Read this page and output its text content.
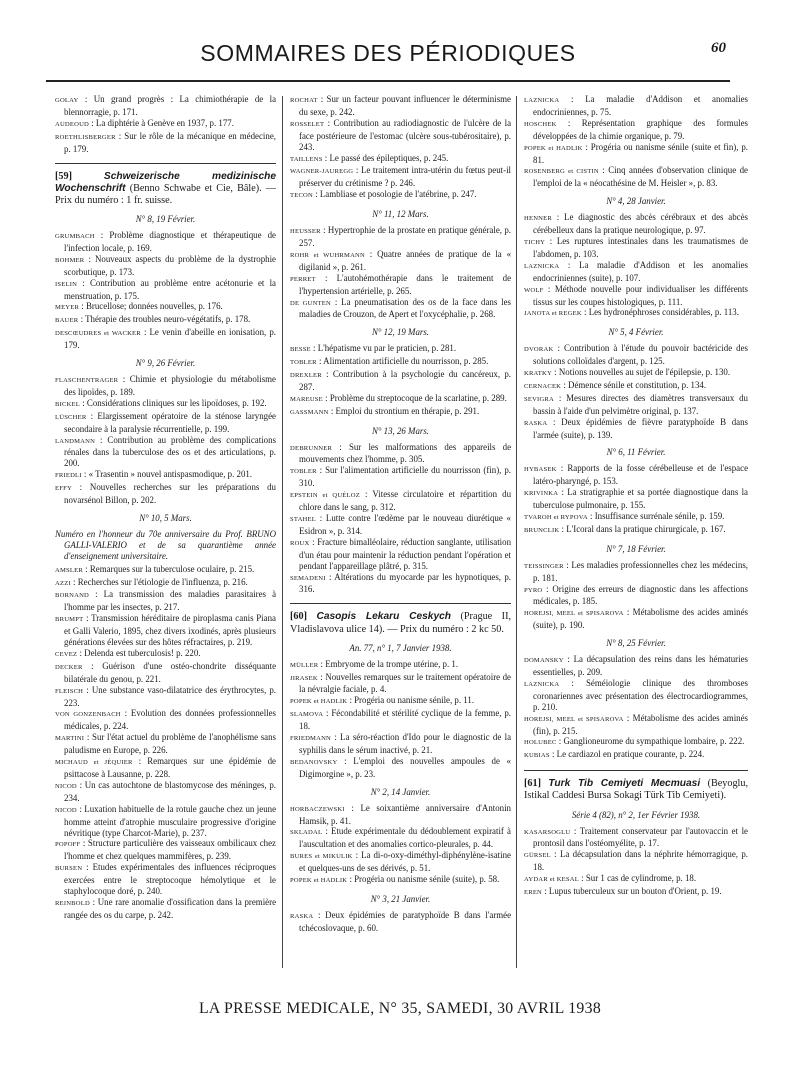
SOMMAIRES DES PÉRIODIQUES	60
GOLAY : Un grand progrès : La chimiothérapie de la blennorragie, p. 171.
AUDEOUD : La diphtérie à Genève en 1937, p. 177.
ROETHLISBERGER : Sur le rôle de la mécanique en médecine, p. 179.
[59]	Schweizerische medizinische Wochenschrift (Benno Schwabe et Cie, Bâle). — Prix du numéro : 1 fr. suisse.
N° 8, 19 Février.
GRUMBACH : Problème diagnostique et thérapeutique de l'infection locale, p. 169.
BOHMER : Nouveaux aspects du problème de la dystrophie scorbutique, p. 173.
ISELIN : Contribution au problème entre acétonurie et la menstruation, p. 175.
MEYER : Brucellose; données nouvelles, p. 176.
BAUER : Thérapie des troubles neuro-végétatifs, p. 178.
DESCŒUDRES et WACKER : Le venin d'abeille en ionisation, p. 179.
N° 9, 26 Février.
FLASCHENTRAGER : Chimie et physiologie du métabolisme des lipoïdes, p. 189.
BICKEL : Considérations cliniques sur les lipoïdoses, p. 192.
LÜSCHER : Elargissement opératoire de la sténose laryngée secondaire à la paralysie récurrentielle, p. 199.
LANDMANN : Contribution au problème des complications rénales dans la tuberculose des os et des articulations, p. 200.
FRIEDLI : « Trasentin » nouvel antispasmodique, p. 201.
EFFY : Nouvelles recherches sur les préparations du novarsénol Billon, p. 202.
N° 10, 5 Mars.
Numéro en l'honneur du 70e anniversaire du Prof. BRUNO GALLI-VALERIO et de sa quarantième année d'enseignement universitaire.
AMSLER : Remarques sur la tuberculose oculaire, p. 215.
AZZI : Recherches sur l'étiologie de l'influenza, p. 216.
BORNAND : La transmission des maladies parasitaires à l'homme par les insectes, p. 217.
BRUMPT : Transmission héréditaire de piroplasma canis Piana et Galli Valerio, 1895, chez divers ixodinés, après plusieurs générations élevées sur des hôtes réfractaires, p. 219.
CEVEZ : Delenda est tuberculosis! p. 220.
DECKER : Guérison d'une ostéo-chondrite disséquante bilatérale du genou, p. 221.
FLEISCH : Une substance vaso-dilatatrice des érythrocytes, p. 223.
VON GONZENBACH : Evolution des données professionnelles médicales, p. 224.
MARTINI : Sur l'état actuel du problème de l'anophélisme sans paludisme en Europe, p. 226.
MICHAUD et JÉQUIER : Remarques sur une épidémie de psittacose à Lausanne, p. 228.
NICOD : Un cas autochtone de blastomycose des méninges, p. 234.
NICOD : Luxation habituelle de la rotule gauche chez un jeune homme atteint d'atrophie musculaire progressive d'origine névritique (type Charcot-Marie), p. 237.
POPOFF : Structure particulière des vaisseaux ombilicaux chez l'homme et chez quelques mammifères, p. 239.
BURSEN : Etudes expérimentales des influences réciproques exercées entre le streptocoque hémolytique et le staphylocoque doré, p. 240.
REINBOLD : Une rare anomalie d'ossification dans la première rangée des os du carpe, p. 242.
ROCHAT : Sur un facteur pouvant influencer le déterminisme du sexe, p. 242.
ROSSELET : Contribution au radiodiagnostic de l'ulcère de la face postérieure de l'estomac (ulcère sous-tubérositaire), p. 243.
TAILLENS : Le passé des épileptiques, p. 245.
WAGNER-JAUREGG : Le traitement intra-utérin du fœtus peut-il préserver du crétinisme ? p. 246.
TECON : Lambliase et posologie de l'atébrine, p. 247.
N° 11, 12 Mars.
HEUSSER : Hypertrophie de la prostate en pratique générale, p. 257.
ROHR et WUHRMANN : Quatre années de pratique de la « digilanid », p. 261.
PERRET : L'autohémothérapie dans le traitement de l'hypertension artérielle, p. 265.
DE GUNTEN : La pneumatisation des os de la face dans les maladies de Crouzon, de Apert et l'oxycéphalie, p. 268.
N° 12, 19 Mars.
BESSE : L'hépatisme vu par le praticien, p. 281.
TOBLER : Alimentation artificielle du nourrisson, p. 285.
DREXLER : Contribution à la psychologie du cancéreux, p. 287.
MAREUSE : Problème du streptocoque de la scarlatine, p. 289.
GASSMANN : Emploi du strontium en thérapie, p. 291.
N° 13, 26 Mars.
DEBRUNNER : Sur les malformations des appareils de mouvements chez l'homme, p. 305.
TOBLER : Sur l'alimentation artificielle du nourrisson (fin), p. 310.
EPSTEIN et QUÉLOZ : Vitesse circulatoire et répartition du chlore dans le sang, p. 312.
STAHEL : Lutte contre l'œdème par le nouveau diurétique « Esidron », p. 314.
ROUX : Fracture bimalléolaire, réduction sanglante, utilisation d'un étau pour maintenir la réduction pendant l'opération et pendant l'appareillage plâtré, p. 315.
SEMADENI : Altérations du myocarde par les hypnotiques, p. 316.
[60] Casopis Lekaru Ceskych (Prague II, Vladislavova ulice 14). — Prix du numéro : 2 kc 50.
An. 77, n° 1, 7 Janvier 1938.
MÜLLER : Embryome de la trompe utérine, p. 1.
JIRASEK : Nouvelles remarques sur le traitement opératoire de la névralgie faciale, p. 4.
POPEK et HADLIK : Progéria ou nanisme sénile, p. 11.
SLAMOVA : Fécondabilité et stérilité cyclique de la femme, p. 18.
FRIEDMANN : La séro-réaction d'Ido pour le diagnostic de la syphilis dans le sérum inactivé, p. 21.
BEDANOVSKY : L'emploi des nouvelles ampoules de « Digimorgine », p. 23.
N° 2, 14 Janvier.
HORBACZEWSKI : Le soixantième anniversaire d'Antonin Hamsik, p. 41.
SKLADAL : Etude expérimentale du dédoublement expiratif à l'auscultation et des anomalies cortico-pleurales, p. 44.
BURES et MIKULIK : La di-o-oxy-diméthyl-diphénylène-isatine et quelques-uns de ses dérivés, p. 51.
POPEK et HADLIK : Progéria ou nanisme sénile (suite), p. 58.
N° 3, 21 Janvier.
RASKA : Deux épidémies de paratyphoïde B dans l'armée tchécoslovaque, p. 60.
LAZNICKA : La maladie d'Addison et anomalies endocriniennes, p. 75.
HOSCHEK : Représentation graphique des formules développées de la chimie organique, p. 79.
POPEK et HADLIK : Progéria ou nanisme sénile (suite et fin), p. 81.
ROSENBERG et CISTIN : Cinq années d'observation clinique de l'emploi de la « néocathésine de M. Heisler », p. 83.
N° 4, 28 Janvier.
HENNER : Le diagnostic des abcès cérébraux et des abcès cérébelleux dans la pratique neurologique, p. 97.
TICHY : Les ruptures intestinales dans les traumatismes de l'abdomen, p. 103.
LAZNICKA : La maladie d'Addison et les anomalies endocriniennes (suite), p. 107.
WOLF : Méthode nouvelle pour individualiser les différents tissus sur les coupes histologiques, p. 111.
JANOTA et REGEK : Les hydronéphroses considérables, p. 113.
N° 5, 4 Février.
DVORAK : Contribution à l'étude du pouvoir bactéricide des solutions colloïdales d'argent, p. 125.
KRATKY : Notions nouvelles au sujet de l'épilepsie, p. 130.
CERNACEK : Démence sénile et constitution, p. 134.
SEVIGRA : Mesures directes des diamètres transversaux du bassin à l'aide d'un pelvimètre original, p. 137.
RASKA : Deux épidémies de fièvre paratyphoïde B dans l'armée (suite), p. 139.
N° 6, 11 Février.
HYBASEK : Rapports de la fosse cérébelleuse et de l'espace latéro-pharyngé, p. 153.
KRIVINKA : La stratigraphie et sa portée diagnostique dans la tuberculose pulmonaire, p. 155.
TVAROH et RYPOVA : Insuffisance surrénale sénile, p. 159.
BRUNCLIK : L'Icoral dans la pratique chirurgicale, p. 167.
N° 7, 18 Février.
TEISSINGER : Les maladies professionnelles chez les médecins, p. 181.
PYRO : Origine des erreurs de diagnostic dans les affections médicales, p. 185.
HOREJSI, MEEL et SPISAROVA : Métabolisme des acides aminés (suite), p. 190.
N° 8, 25 Février.
DOMANSKY : La décapsulation des reins dans les hématuries essentielles, p. 209.
LAZNICKA : Séméiologie clinique des thromboses coronariennes avec présentation des électrocardiogrammes, p. 210.
HOREJSI, MEEL et SPISAROVA : Métabolisme des acides aminés (fin), p. 215.
HOLUBEC : Ganglioneurome du sympathique lombaire, p. 222.
KUBIAS : Le cardiazol en pratique courante, p. 224.
[61] Turk Tib Cemiyeti Mecmuasi (Beyoglu, Istikal Caddesi Bursa Sokagi Türk Tib Cemiyeti).
Série 4 (82), n° 2, 1er Février 1938.
KASARSOGLU : Traitement conservateur par l'autovaccin et le prontosil dans l'ostéomyélite, p. 17.
GÜRSEL : La décapsulation dans la néphrite hémorragique, p. 18.
AYDAR et KESAL : Sur 1 cas de cylindrome, p. 18.
EREN : Lupus tuberculeux sur un bouton d'Orient, p. 19.
LA PRESSE MEDICALE, N° 35, SAMEDI, 30 AVRIL 1938
